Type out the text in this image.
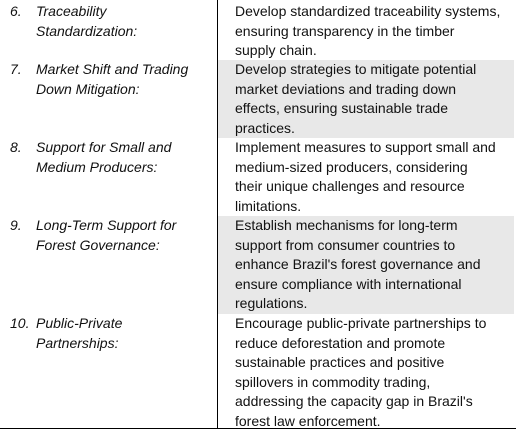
6. Traceability
Standardization:
Develop standardized traceability systems,
ensuring transparency in the timber
supply chain.
7. Market Shift and Trading
Down Mitigation:
Develop strategies to mitigate potential
market deviations and trading down
effects, ensuring sustainable trade
practices.
8. Support for Small and
Medium Producers:
Implement measures to support small and
medium-sized producers, considering
their unique challenges and resource
limitations.
9. Long-Term Support for
Forest Governance:
Establish mechanisms for long-term
support from consumer countries to
enhance Brazil's forest governance and
ensure compliance with international
regulations.
10. Public-Private
Partnerships:
Encourage public-private partnerships to
reduce deforestation and promote
sustainable practices and positive
spillovers in commodity trading,
addressing the capacity gap in Brazil's
forest law enforcement.
